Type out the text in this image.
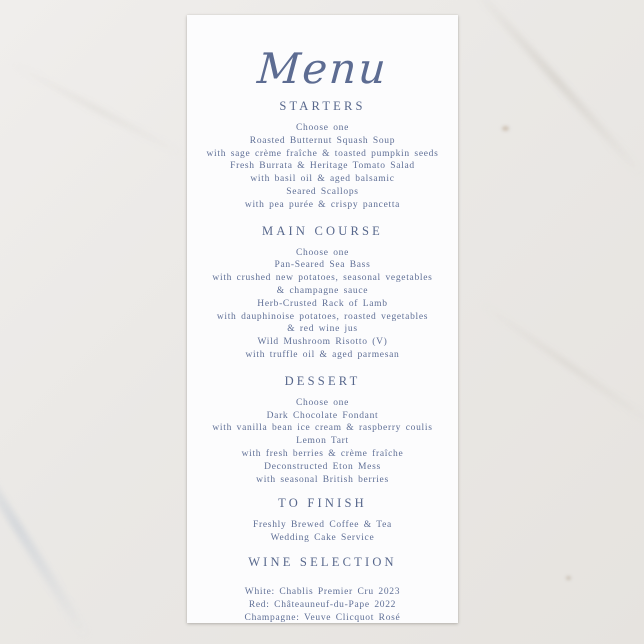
Menu
STARTERS
Choose one
Roasted Butternut Squash Soup
with sage crème fraîche & toasted pumpkin seeds
Fresh Burrata & Heritage Tomato Salad
with basil oil & aged balsamic
Seared Scallops
with pea purée & crispy pancetta
MAIN COURSE
Choose one
Pan-Seared Sea Bass
with crushed new potatoes, seasonal vegetables
& champagne sauce
Herb-Crusted Rack of Lamb
with dauphinoise potatoes, roasted vegetables
& red wine jus
Wild Mushroom Risotto (V)
with truffle oil & aged parmesan
DESSERT
Choose one
Dark Chocolate Fondant
with vanilla bean ice cream & raspberry coulis
Lemon Tart
with fresh berries & crème fraîche
Deconstructed Eton Mess
with seasonal British berries
TO FINISH
Freshly Brewed Coffee & Tea
Wedding Cake Service
WINE SELECTION
White: Chablis Premier Cru 2023
Red: Châteauneuf-du-Pape 2022
Champagne: Veuve Clicquot Rosé
